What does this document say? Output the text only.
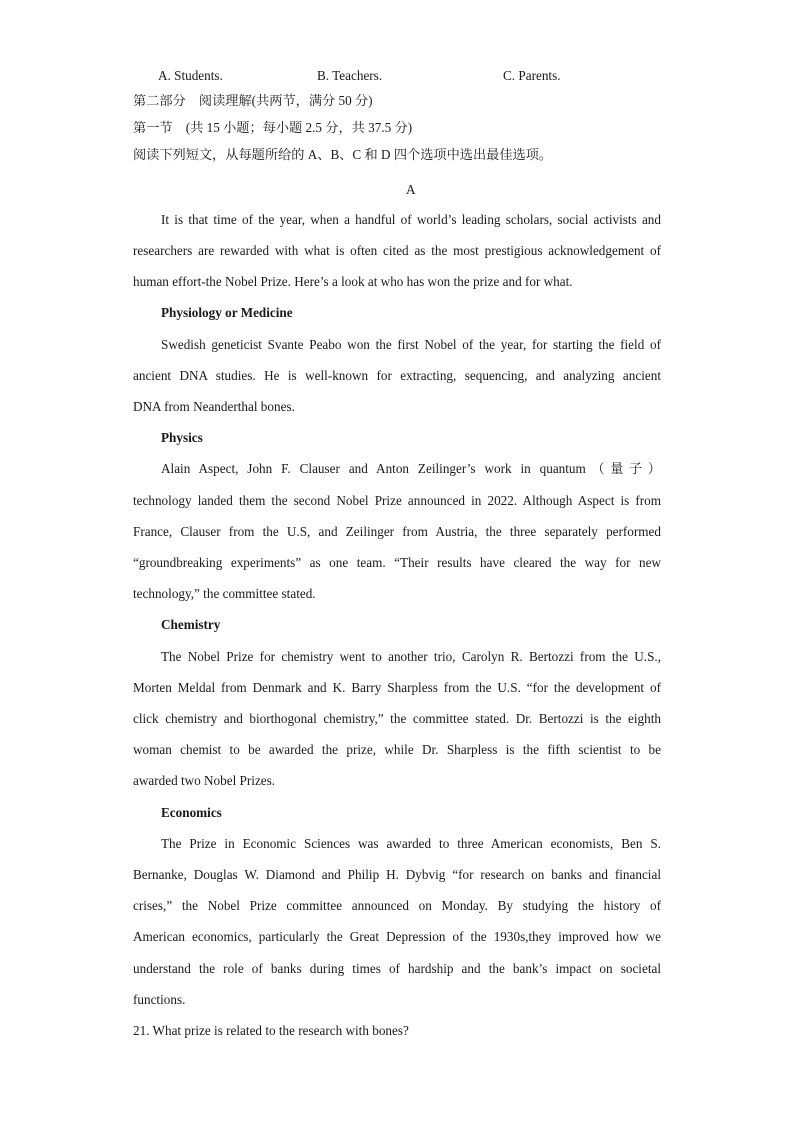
A. Students.	B. Teachers.	C. Parents.
第二部分　阅读理解(共两节，满分 50 分)
第一节　(共 15 小题；每小题 2.5 分，共 37.5 分)
阅读下列短文，从每题所给的 A、B、C 和 D 四个选项中选出最佳选项。
A
It is that time of the year, when a handful of world’s leading scholars, social activists and
researchers are rewarded with what is often cited as the most prestigious acknowledgement of
human effort-the Nobel Prize. Here’s a look at who has won the prize and for what.
Physiology or Medicine
Swedish geneticist Svante Peabo won the first Nobel of the year, for starting the field of
ancient DNA studies. He is well-known for extracting, sequencing, and analyzing ancient
DNA from Neanderthal bones.
Physics
Alain Aspect, John F. Clauser and Anton Zeilinger’s work in quantum（量子）
technology landed them the second Nobel Prize announced in 2022. Although Aspect is from
France, Clauser from the U.S, and Zeilinger from Austria, the three separately performed
“groundbreaking experiments” as one team. “Their results have cleared the way for new
technology,” the committee stated.
Chemistry
The Nobel Prize for chemistry went to another trio, Carolyn R. Bertozzi from the U.S.,
Morten Meldal from Denmark and K. Barry Sharpless from the U.S. “for the development of
click chemistry and biorthogonal chemistry,” the committee stated. Dr. Bertozzi is the eighth
woman chemist to be awarded the prize, while Dr. Sharpless is the fifth scientist to be
awarded two Nobel Prizes.
Economics
The Prize in Economic Sciences was awarded to three American economists, Ben S.
Bernanke, Douglas W. Diamond and Philip H. Dybvig “for research on banks and financial
crises,” the Nobel Prize committee announced on Monday. By studying the history of
American economics, particularly the Great Depression of the 1930s,they improved how we
understand the role of banks during times of hardship and the bank’s impact on societal
functions.
21. What prize is related to the research with bones?
